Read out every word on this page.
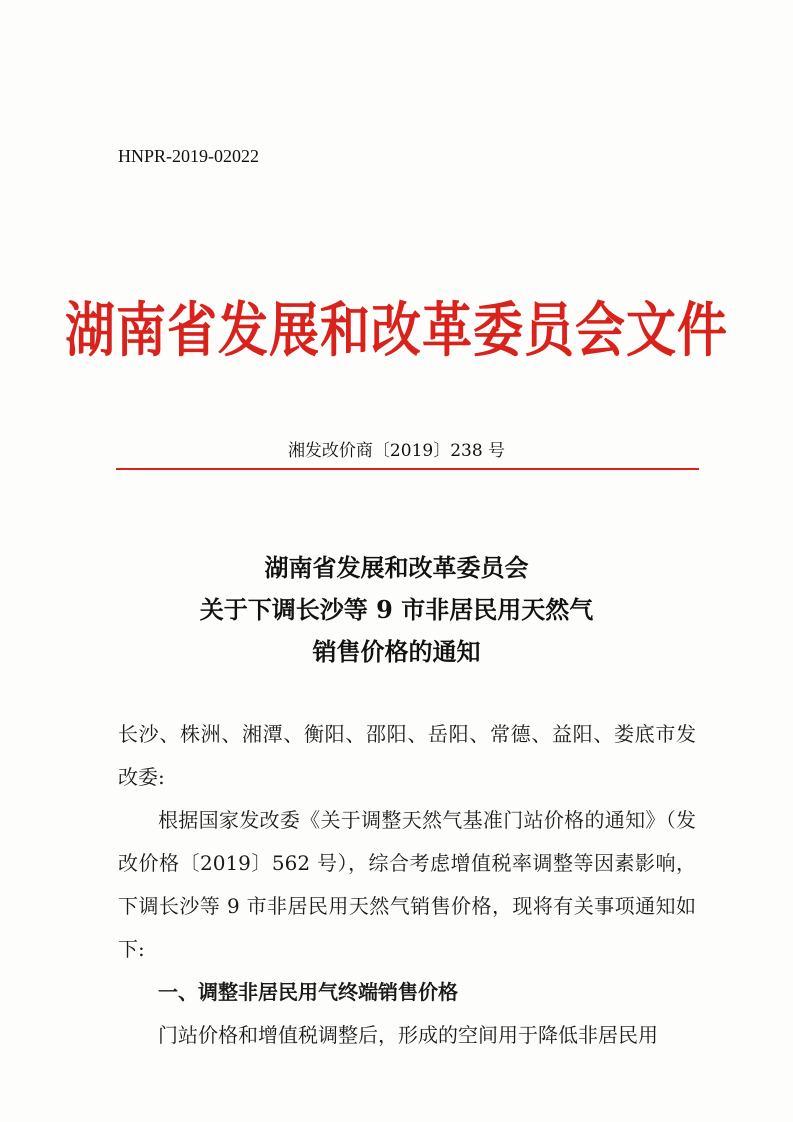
HNPR-2019-02022
湖南省发展和改革委员会文件
湘发改价商〔2019〕238 号
湖南省发展和改革委员会
关于下调长沙等 9 市非居民用天然气
销售价格的通知

长沙、株洲、湘潭、衡阳、邵阳、岳阳、常德、益阳、娄底市发改委:

根据国家发改委《关于调整天然气基准门站价格的通知》（发改价格〔2019〕562 号），综合考虑增值税率调整等因素影响，下调长沙等 9 市非居民用天然气销售价格，现将有关事项通知如下:

一、调整非居民用气终端销售价格

门站价格和增值税调整后，形成的空间用于降低非居民用
